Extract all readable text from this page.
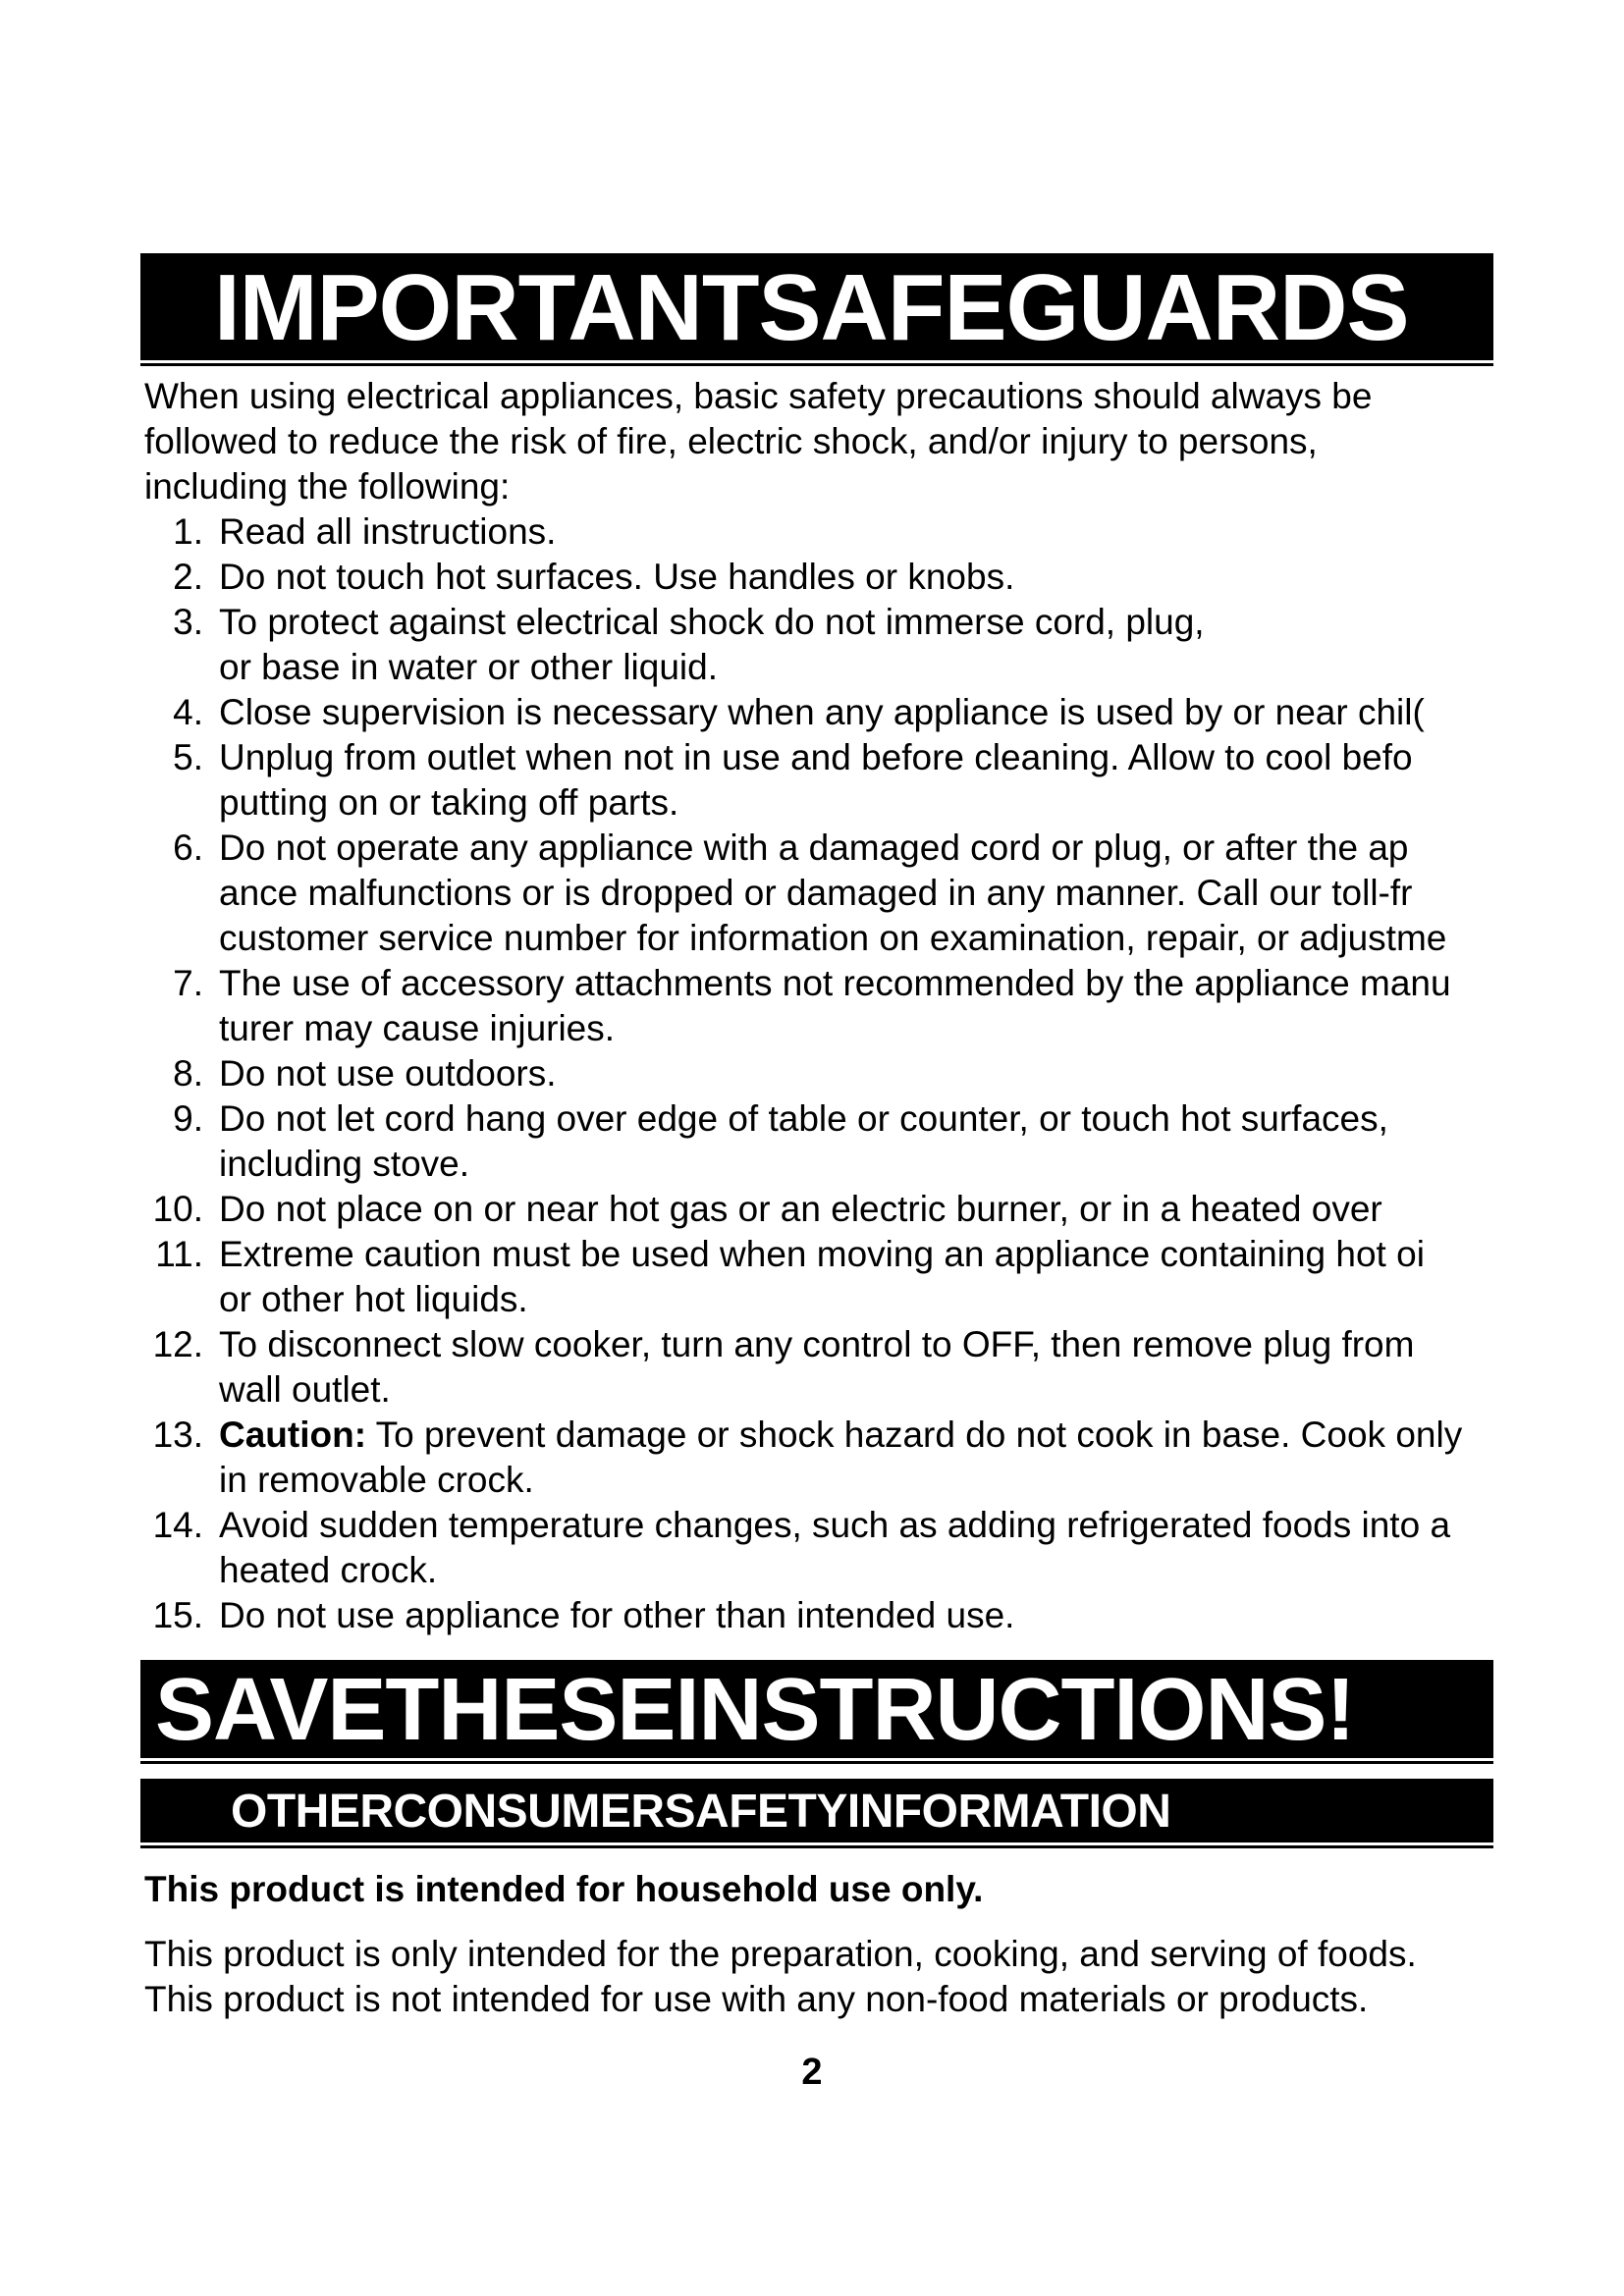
IMPORTANTSAFEGUARDS
When using electrical appliances, basic safety precautions should always be
followed to reduce the risk of fire, electric shock, and/or injury to persons,
including the following:
1. Read all instructions.
2. Do not touch hot surfaces. Use handles or knobs.
3. To protect against electrical shock do not immerse cord, plug,
or base in water or other liquid.
4. Close supervision is necessary when any appliance is used by or near chil(
5. Unplug from outlet when not in use and before cleaning. Allow to cool befo
putting on or taking off parts.
6. Do not operate any appliance with a damaged cord or plug, or after the ap
ance malfunctions or is dropped or damaged in any manner. Call our toll-fr
customer service number for information on examination, repair, or adjustme
7. The use of accessory attachments not recommended by the appliance manu
turer may cause injuries.
8. Do not use outdoors.
9. Do not let cord hang over edge of table or counter, or touch hot surfaces,
including stove.
10. Do not place on or near hot gas or an electric burner, or in a heated over
11. Extreme caution must be used when moving an appliance containing hot oi
or other hot liquids.
12. To disconnect slow cooker, turn any control to OFF, then remove plug from
wall outlet.
13. Caution: To prevent damage or shock hazard do not cook in base. Cook only
in removable crock.
14. Avoid sudden temperature changes, such as adding refrigerated foods into a
heated crock.
15. Do not use appliance for other than intended use.
SAVETHESEINSTRUCTIONS!
OTHERCONSUMERSAFETYINFORMATION
This product is intended for household use only.
This product is only intended for the preparation, cooking, and serving of foods.
This product is not intended for use with any non-food materials or products.
2
